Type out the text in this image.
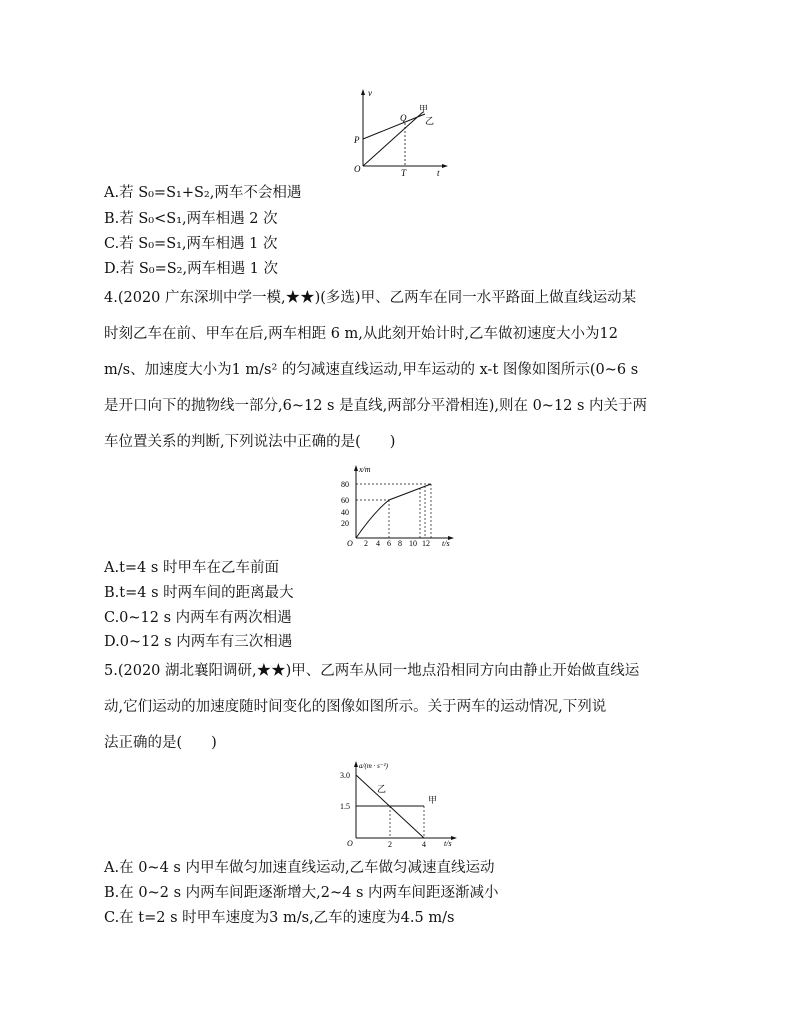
v
t
O
P
Q
T
甲
乙
A.若 S₀=S₁+S₂,两车不会相遇
B.若 S₀<S₁,两车相遇 2 次
C.若 S₀=S₁,两车相遇 1 次
D.若 S₀=S₂,两车相遇 1 次
4.(2020 广东深圳中学一模,★★)(多选)甲、乙两车在同一水平路面上做直线运动某
时刻乙车在前、甲车在后,两车相距 6 m,从此刻开始计时,乙车做初速度大小为12
m/s、加速度大小为1 m/s² 的匀减速直线运动,甲车运动的 x-t 图像如图所示(0~6 s
是开口向下的抛物线一部分,6~12 s 是直线,两部分平滑相连),则在 0~12 s 内关于两
车位置关系的判断,下列说法中正确的是(　　)
x/m
t/s
O
80
60
40
20
2 4 6 8 10 12
A.t=4 s 时甲车在乙车前面
B.t=4 s 时两车间的距离最大
C.0~12 s 内两车有两次相遇
D.0~12 s 内两车有三次相遇
5.(2020 湖北襄阳调研,★★)甲、乙两车从同一地点沿相同方向由静止开始做直线运
动,它们运动的加速度随时间变化的图像如图所示。关于两车的运动情况,下列说
法正确的是(　　)
a/(m · s⁻²)
t/s
O
3.0
1.5
2	4
甲
乙
A.在 0~4 s 内甲车做匀加速直线运动,乙车做匀减速直线运动
B.在 0~2 s 内两车间距逐渐增大,2~4 s 内两车间距逐渐减小
C.在 t=2 s 时甲车速度为3 m/s,乙车的速度为4.5 m/s
